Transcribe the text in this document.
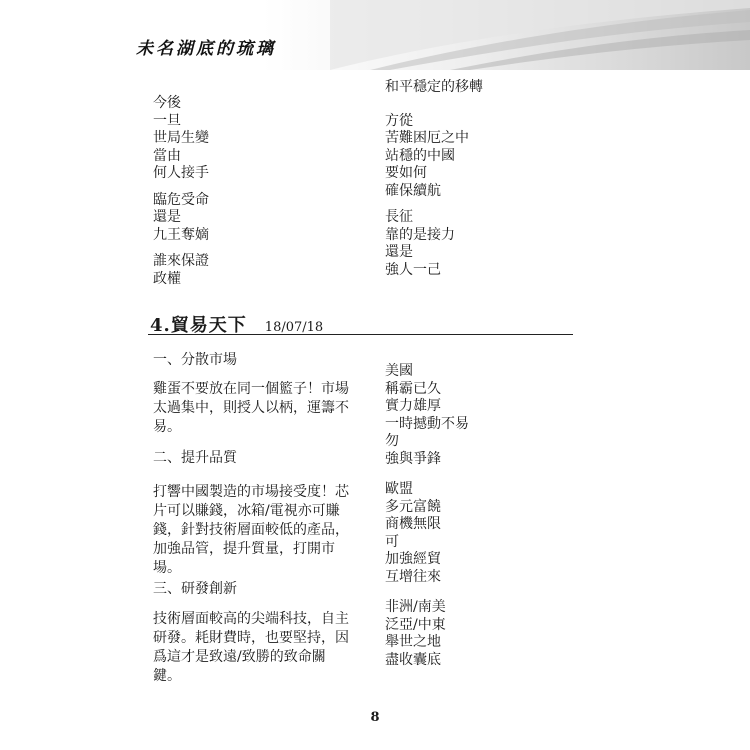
未名湖底的琉璃
今後
一旦
世局生變
當由
何人接手
臨危受命
還是
九王奪嫡
誰來保證
政權
和平穩定的移轉
方從
苦難困厄之中
站穩的中國
要如何
確保續航
長征
靠的是接力
還是
強人一己
4.貿易天下 18/07/18
一、分散市場
雞蛋不要放在同一個籃子！市場
太過集中，則授人以柄，運籌不
易。
二、提升品質
打響中國製造的市場接受度！芯
片可以賺錢，冰箱/電視亦可賺
錢，針對技術層面較低的產品，
加強品管，提升質量，打開市
場。
三、研發創新
技術層面較高的尖端科技，自主
研發。耗財費時，也要堅持，因
爲這才是致遠/致勝的致命關
鍵。
美國
稱霸已久
實力雄厚
一時撼動不易
勿
強與爭鋒
歐盟
多元富饒
商機無限
可
加強經貿
互增往來
非洲/南美
泛亞/中東
舉世之地
盡收囊底
8
